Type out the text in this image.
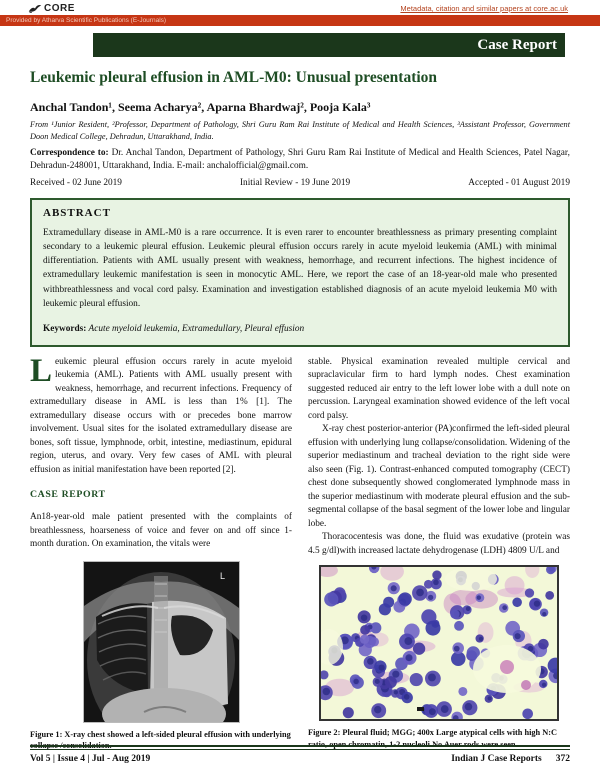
CORE	Metadata, citation and similar papers at core.ac.uk
Provided by Atharva Scientific Publications (E-Journals)
Case Report
Leukemic pleural effusion in AML-M0: Unusual presentation
Anchal Tandon¹, Seema Acharya², Aparna Bhardwaj², Pooja Kala³
From ¹Junior Resident, ²Professor, Department of Pathology, Shri Guru Ram Rai Institute of Medical and Health Sciences, ³Assistant Professor, Government Doon Medical College, Dehradun, Uttarakhand, India.
Correspondence to: Dr. Anchal Tandon, Department of Pathology, Shri Guru Ram Rai Institute of Medical and Health Sciences, Patel Nagar, Dehradun-248001, Uttarakhand, India. E-mail: anchalofficial@gmail.com.
Received - 02 June 2019	Initial Review - 19 June 2019	Accepted - 01 August 2019
ABSTRACT

Extramedullary disease in AML-M0 is a rare occurrence. It is even rarer to encounter breathlessness as primary presenting complaint secondary to a leukemic pleural effusion. Leukemic pleural effusion occurs rarely in acute myeloid leukemia (AML) with minimal differentiation. Patients with AML usually present with weakness, hemorrhage, and recurrent infections. The highest incidence of extramedullary leukemic manifestation is seen in monocytic AML. Here, we report the case of an 18-year-old male who presented withbreathlessness and vocal cord palsy. Examination and investigation established diagnosis of an acute myeloid leukemia M0 with leukemic pleural effusion.

Keywords: Acute myeloid leukemia, Extramedullary, Pleural effusion

Leukemic pleural effusion occurs rarely in acute myeloid leukemia (AML). Patients with AML usually present with weakness, hemorrhage, and recurrent infections. Frequency of extramedullary disease in AML is less than 1% [1]. The extramedullary disease occurs with or precedes bone marrow involvement. Usual sites for the isolated extramedullary disease are bones, soft tissue, lymphnode, orbit, intestine, mediastinum, epidural region, uterus, and ovary. Very few cases of AML with pleural effusion as initial manifestation have been reported [2].

CASE REPORT

An18-year-old male patient presented with the complaints of breathlessness, hoarseness of voice and fever on and off since 1-month duration. On examination, the vitals were

L
Figure 1: X-ray chest showed a left-sided pleural effusion with underlying collapse /consolidation.

stable. Physical examination revealed multiple cervical and supraclavicular firm to hard lymph nodes. Chest examination suggested reduced air entry to the left lower lobe with a dull note on percussion. Laryngeal examination showed evidence of the left vocal cord palsy.

X-ray chest posterior-anterior (PA)confirmed the left-sided pleural effusion with underlying lung collapse/consolidation. Widening of the superior mediastinum and tracheal deviation to the right side were also seen (Fig. 1). Contrast-enhanced computed tomography (CECT) chest done subsequently showed conglomerated lymphnode mass in the superior mediastinum with moderate pleural effusion and the sub-segmental collapse of the basal segment of the lower lobe and lingular lobe.

Thoracocentesis was done, the fluid was exudative (protein was 4.5 g/dl)with increased lactate dehydrogenase (LDH) 4809 U/L and

Figure 2: Pleural fluid; MGG; 400x Large atypical cells with high N:C ratio, open chromatin, 1-2 nucleoli.No Auer rods were seen.
Vol 5 | Issue 4 | Jul - Aug 2019	Indian J Case Reports 372
